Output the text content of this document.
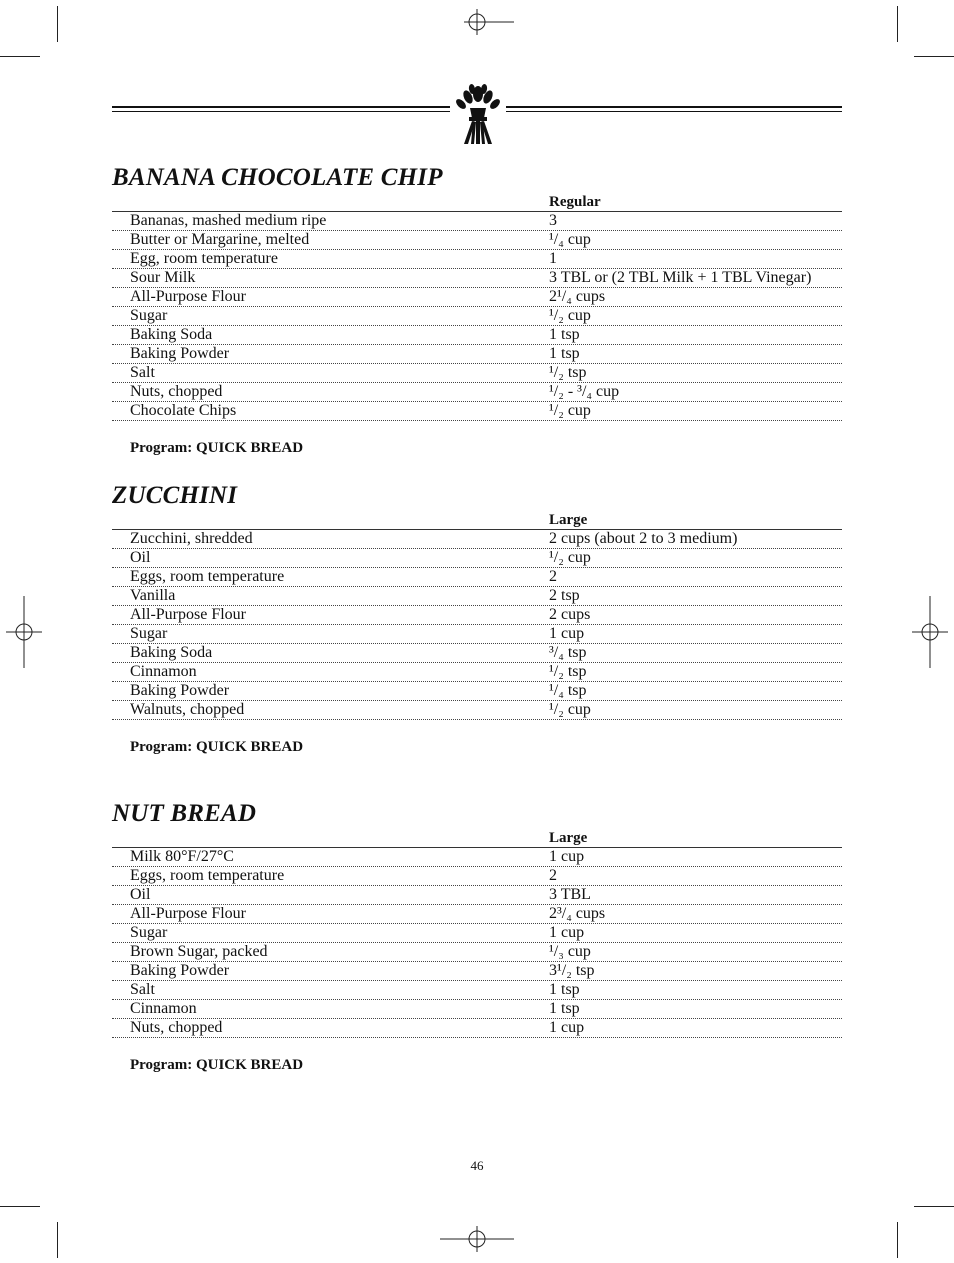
BANANA CHOCOLATE CHIP
Regular
Bananas, mashed medium ripe	3
Butter or Margarine, melted	¹/₄ cup
Egg, room temperature	1
Sour Milk	3 TBL or (2 TBL Milk + 1 TBL Vinegar)
All-Purpose Flour	2¹/₄ cups
Sugar	¹/₂ cup
Baking Soda	1 tsp
Baking Powder	1 tsp
Salt	¹/₂ tsp
Nuts, chopped	¹/₂ - ³/₄ cup
Chocolate Chips	¹/₂ cup
Program: QUICK BREAD
ZUCCHINI
Large
Zucchini, shredded	2 cups (about 2 to 3 medium)
Oil	¹/₂ cup
Eggs, room temperature	2
Vanilla	2 tsp
All-Purpose Flour	2 cups
Sugar	1 cup
Baking Soda	³/₄ tsp
Cinnamon	¹/₂ tsp
Baking Powder	¹/₄ tsp
Walnuts, chopped	¹/₂ cup
Program: QUICK BREAD
NUT BREAD
Large
Milk 80°F/27°C	1 cup
Eggs, room temperature	2
Oil	3 TBL
All-Purpose Flour	2³/₄ cups
Sugar	1 cup
Brown Sugar, packed	¹/₃ cup
Baking Powder	3¹/₂ tsp
Salt	1 tsp
Cinnamon	1 tsp
Nuts, chopped	1 cup
Program: QUICK BREAD
46
